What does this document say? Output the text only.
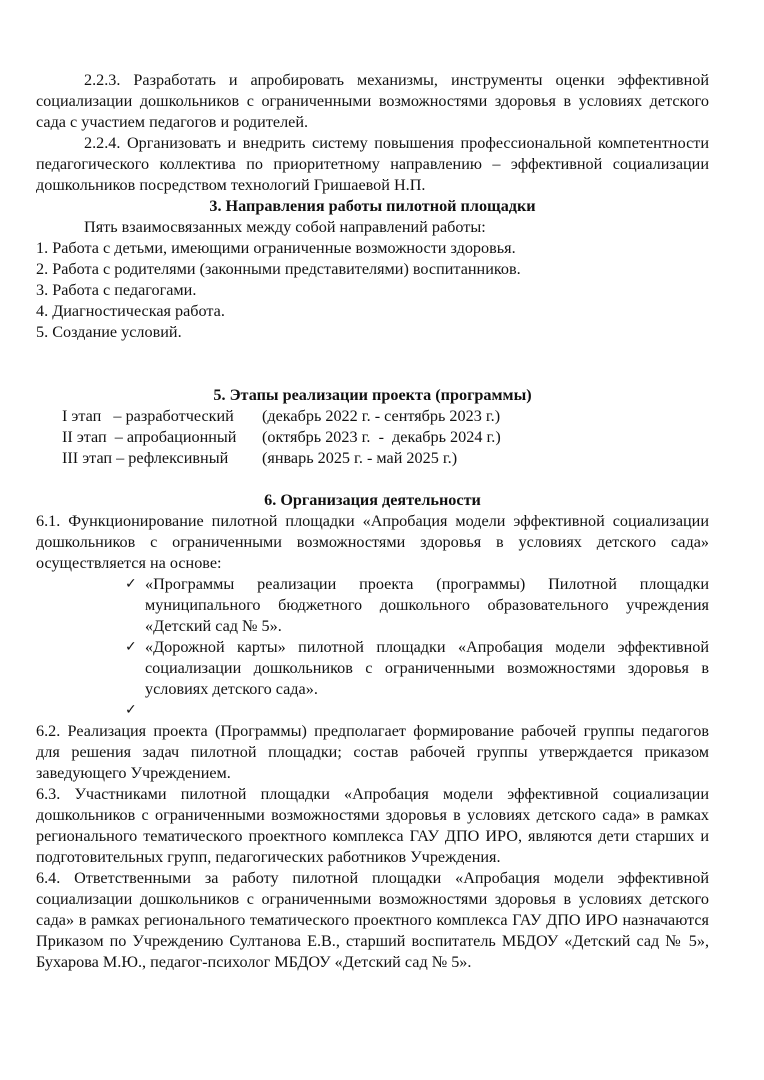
2.2.3. Разработать и апробировать механизмы, инструменты оценки эффективной социализации дошкольников с ограниченными возможностями здоровья в условиях детского сада с участием педагогов и родителей.

2.2.4. Организовать и внедрить систему повышения профессиональной компетентности педагогического коллектива по приоритетному направлению – эффективной социализации дошкольников посредством технологий Гришаевой Н.П.

3. Направления работы пилотной площадки

Пять взаимосвязанных между собой направлений работы:

1. Работа с детьми, имеющими ограниченные возможности здоровья.

2. Работа с родителями (законными представителями) воспитанников.

3. Работа с педагогами.

4. Диагностическая работа.

5. Создание условий.

5. Этапы реализации проекта (программы)

I этап   – разработческий	(декабрь 2022 г. - сентябрь 2023 г.)
II этап  – апробационный	(октябрь 2023 г.  -  декабрь 2024 г.)
III этап – рефлексивный	(январь 2025 г. - май 2025 г.)

6. Организация деятельности

6.1. Функционирование пилотной площадки «Апробация модели эффективной социализации дошкольников с ограниченными возможностями здоровья в условиях детского сада» осуществляется на основе:

✓ «Программы реализации проекта (программы) Пилотной площадки муниципального бюджетного дошкольного образовательного учреждения «Детский сад № 5».
✓ «Дорожной карты» пилотной площадки «Апробация модели эффективной социализации дошкольников с ограниченными возможностями здоровья в условиях детского сада».
✓

6.2. Реализация проекта (Программы) предполагает формирование рабочей группы педагогов для решения задач пилотной площадки; состав рабочей группы утверждается приказом заведующего Учреждением.

6.3. Участниками пилотной площадки «Апробация модели эффективной социализации дошкольников с ограниченными возможностями здоровья в условиях детского сада» в рамках регионального тематического проектного комплекса ГАУ ДПО ИРО, являются дети старших и подготовительных групп, педагогических работников Учреждения.

6.4. Ответственными за работу пилотной площадки «Апробация модели эффективной социализации дошкольников с ограниченными возможностями здоровья в условиях детского сада» в рамках регионального тематического проектного комплекса ГАУ ДПО ИРО назначаются Приказом по Учреждению Султанова Е.В., старший воспитатель МБДОУ «Детский сад № 5», Бухарова М.Ю., педагог-психолог МБДОУ «Детский сад № 5».
